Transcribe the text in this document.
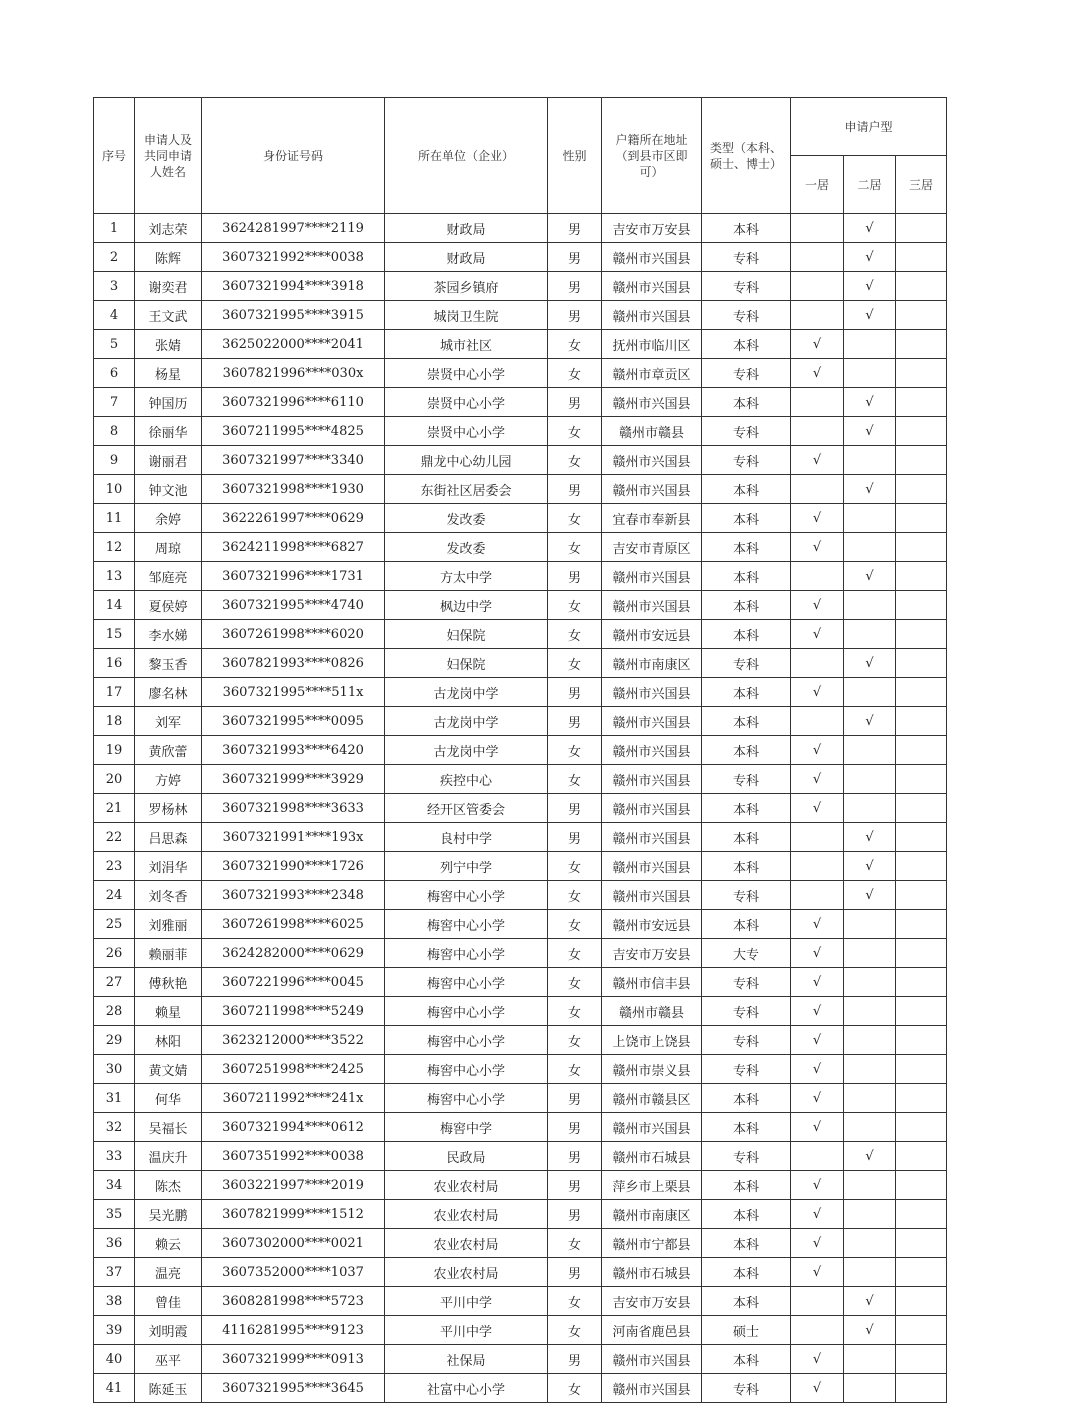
序号	申请人及共同申请人姓名	身份证号码	所在单位（企业）	性别	户籍所在地址（到县市区即可）	类型（本科、硕士、博士）	申请户型		
							一居	二居	三居
1	刘志荣	3624281997****2119	财政局	男	吉安市万安县	本科		√	
2	陈辉	3607321992****0038	财政局	男	赣州市兴国县	专科		√	
3	谢奕君	3607321994****3918	茶园乡镇府	男	赣州市兴国县	专科		√	
4	王文武	3607321995****3915	城岗卫生院	男	赣州市兴国县	专科		√	
5	张婧	3625022000****2041	城市社区	女	抚州市临川区	本科	√		
6	杨星	3607821996****030x	崇贤中心小学	女	赣州市章贡区	专科	√		
7	钟国历	3607321996****6110	崇贤中心小学	男	赣州市兴国县	本科		√	
8	徐丽华	3607211995****4825	崇贤中心小学	女	赣州市赣县	专科		√	
9	谢丽君	3607321997****3340	鼎龙中心幼儿园	女	赣州市兴国县	专科	√		
10	钟文池	3607321998****1930	东街社区居委会	男	赣州市兴国县	本科		√	
11	余婷	3622261997****0629	发改委	女	宜春市奉新县	本科	√		
12	周琼	3624211998****6827	发改委	女	吉安市青原区	本科	√		
13	邹庭亮	3607321996****1731	方太中学	男	赣州市兴国县	本科		√	
14	夏侯婷	3607321995****4740	枫边中学	女	赣州市兴国县	本科	√		
15	李水娣	3607261998****6020	妇保院	女	赣州市安远县	本科	√		
16	黎玉香	3607821993****0826	妇保院	女	赣州市南康区	专科		√	
17	廖名林	3607321995****511x	古龙岗中学	男	赣州市兴国县	本科	√		
18	刘军	3607321995****0095	古龙岗中学	男	赣州市兴国县	本科		√	
19	黄欣蕾	3607321993****6420	古龙岗中学	女	赣州市兴国县	本科	√		
20	方婷	3607321999****3929	疾控中心	女	赣州市兴国县	专科	√		
21	罗杨林	3607321998****3633	经开区管委会	男	赣州市兴国县	本科	√		
22	吕思森	3607321991****193x	良村中学	男	赣州市兴国县	本科		√	
23	刘涓华	3607321990****1726	列宁中学	女	赣州市兴国县	本科		√	
24	刘冬香	3607321993****2348	梅窖中心小学	女	赣州市兴国县	专科		√	
25	刘雅丽	3607261998****6025	梅窖中心小学	女	赣州市安远县	本科	√		
26	赖丽菲	3624282000****0629	梅窖中心小学	女	吉安市万安县	大专	√		
27	傅秋艳	3607221996****0045	梅窖中心小学	女	赣州市信丰县	专科	√		
28	赖星	3607211998****5249	梅窖中心小学	女	赣州市赣县	专科	√		
29	林阳	3623212000****3522	梅窖中心小学	女	上饶市上饶县	专科	√		
30	黄文婧	3607251998****2425	梅窖中心小学	女	赣州市崇义县	专科	√		
31	何华	3607211992****241x	梅窖中心小学	男	赣州市赣县区	本科	√		
32	吴福长	3607321994****0612	梅窖中学	男	赣州市兴国县	本科	√		
33	温庆升	3607351992****0038	民政局	男	赣州市石城县	专科		√	
34	陈杰	3603221997****2019	农业农村局	男	萍乡市上栗县	本科	√		
35	吴光鹏	3607821999****1512	农业农村局	男	赣州市南康区	本科	√		
36	赖云	3607302000****0021	农业农村局	女	赣州市宁都县	本科	√		
37	温亮	3607352000****1037	农业农村局	男	赣州市石城县	本科	√		
38	曾佳	3608281998****5723	平川中学	女	吉安市万安县	本科		√	
39	刘明霞	4116281995****9123	平川中学	女	河南省鹿邑县	硕士		√	
40	巫平	3607321999****0913	社保局	男	赣州市兴国县	本科	√		
41	陈延玉	3607321995****3645	社富中心小学	女	赣州市兴国县	专科	√		
